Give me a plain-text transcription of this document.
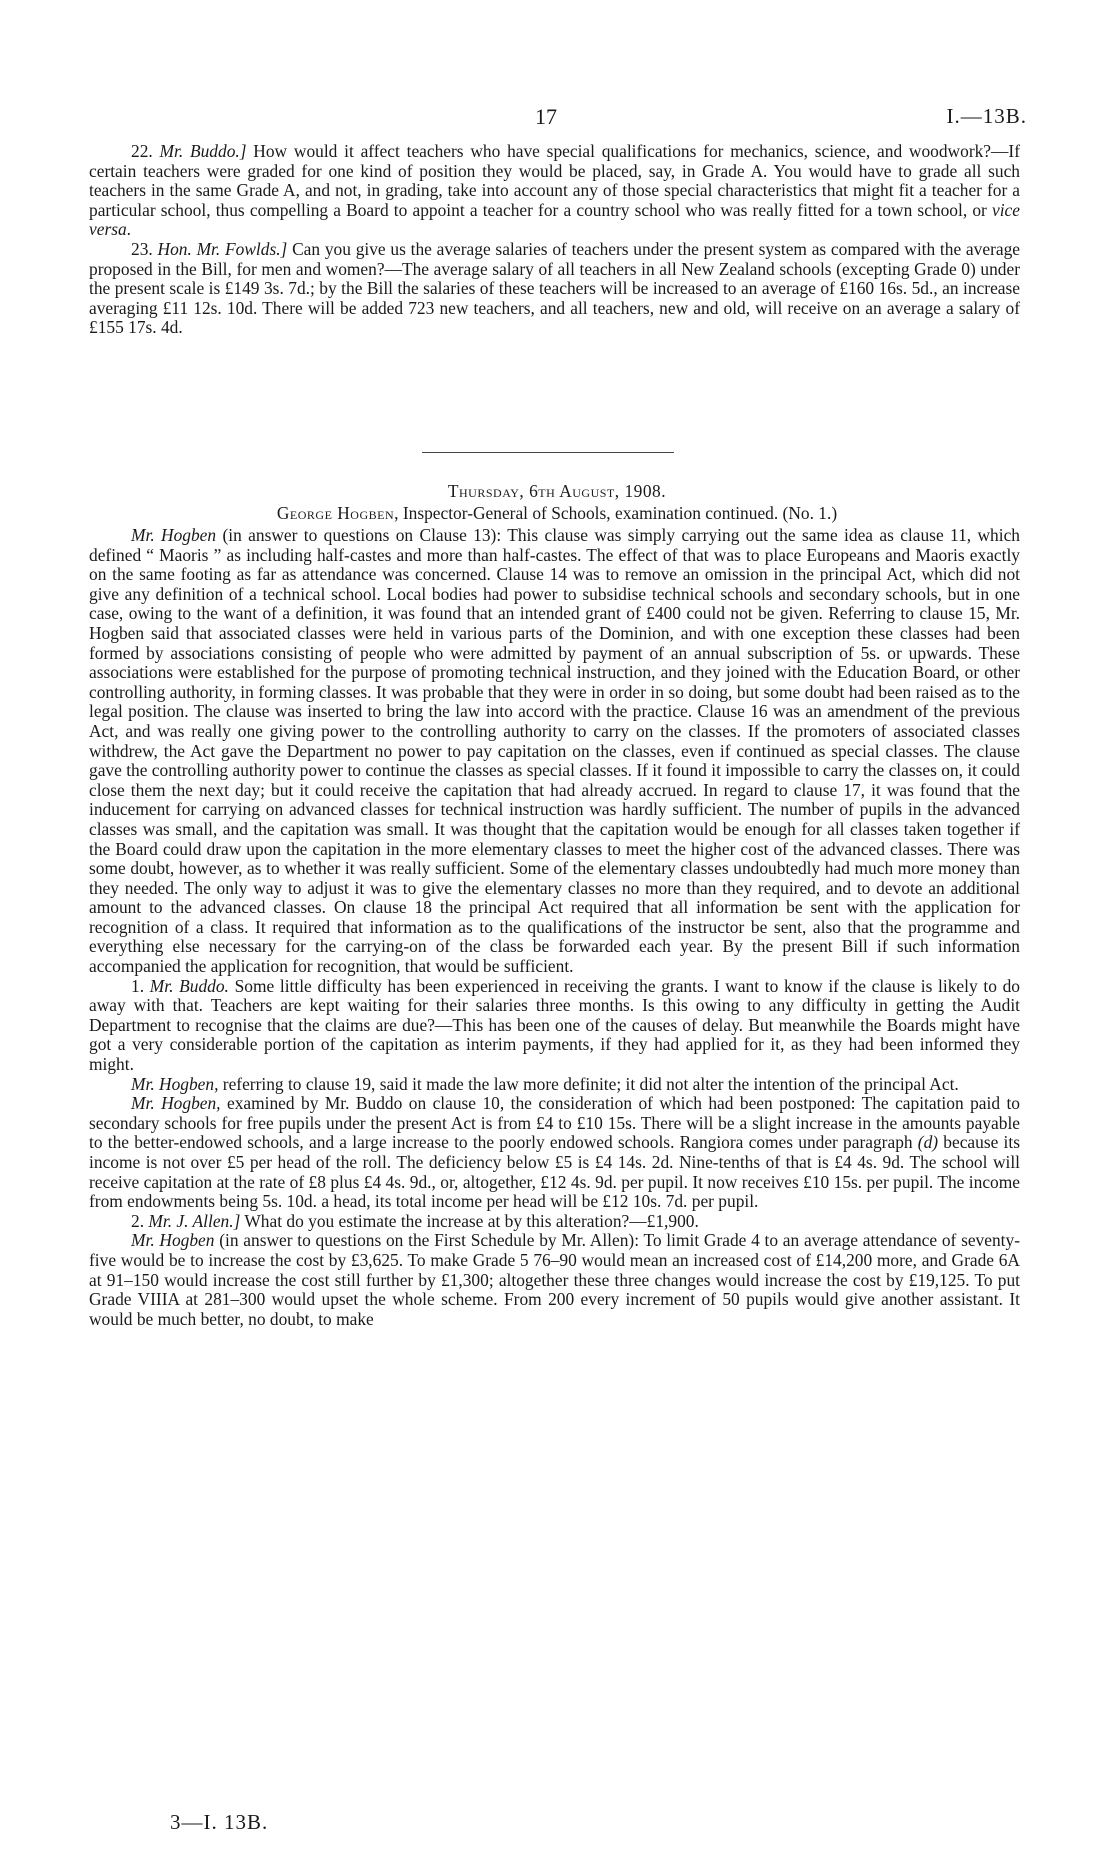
17	I.—13B.

22. Mr. Buddo.] How would it affect teachers who have special qualifications for mechanics, science, and woodwork?—If certain teachers were graded for one kind of position they would be placed, say, in Grade A. You would have to grade all such teachers in the same Grade A, and not, in grading, take into account any of those special characteristics that might fit a teacher for a particular school, thus compelling a Board to appoint a teacher for a country school who was really fitted for a town school, or vice versa.

23. Hon. Mr. Fowlds.] Can you give us the average salaries of teachers under the present system as compared with the average proposed in the Bill, for men and women?—The average salary of all teachers in all New Zealand schools (excepting Grade 0) under the present scale is £149 3s. 7d.; by the Bill the salaries of these teachers will be increased to an average of £160 16s. 5d., an increase averaging £11 12s. 10d. There will be added 723 new teachers, and all teachers, new and old, will receive on an average a salary of £155 17s. 4d.

Thursday, 6th August, 1908.
George Hogben, Inspector-General of Schools, examination continued. (No. 1.)

Mr. Hogben (in answer to questions on Clause 13): This clause was simply carrying out the same idea as clause 11, which defined “ Maoris ” as including half-castes and more than half-castes. The effect of that was to place Europeans and Maoris exactly on the same footing as far as attendance was concerned. Clause 14 was to remove an omission in the principal Act, which did not give any definition of a technical school. Local bodies had power to subsidise technical schools and secondary schools, but in one case, owing to the want of a definition, it was found that an intended grant of £400 could not be given. Referring to clause 15, Mr. Hogben said that associated classes were held in various parts of the Dominion, and with one exception these classes had been formed by associations consisting of people who were admitted by payment of an annual subscription of 5s. or upwards. These associations were established for the purpose of promoting technical instruction, and they joined with the Education Board, or other controlling authority, in forming classes. It was probable that they were in order in so doing, but some doubt had been raised as to the legal position. The clause was inserted to bring the law into accord with the practice. Clause 16 was an amendment of the previous Act, and was really one giving power to the controlling authority to carry on the classes. If the promoters of associated classes withdrew, the Act gave the Department no power to pay capitation on the classes, even if continued as special classes. The clause gave the controlling authority power to continue the classes as special classes. If it found it impossible to carry the classes on, it could close them the next day; but it could receive the capitation that had already accrued. In regard to clause 17, it was found that the inducement for carrying on advanced classes for technical instruction was hardly sufficient. The number of pupils in the advanced classes was small, and the capitation was small. It was thought that the capitation would be enough for all classes taken together if the Board could draw upon the capitation in the more elementary classes to meet the higher cost of the advanced classes. There was some doubt, however, as to whether it was really sufficient. Some of the elementary classes undoubtedly had much more money than they needed. The only way to adjust it was to give the elementary classes no more than they required, and to devote an additional amount to the advanced classes. On clause 18 the principal Act required that all information be sent with the application for recognition of a class. It required that information as to the qualifications of the instructor be sent, also that the programme and everything else necessary for the carrying-on of the class be forwarded each year. By the present Bill if such information accompanied the application for recognition, that would be sufficient.

1. Mr. Buddo. Some little difficulty has been experienced in receiving the grants. I want to know if the clause is likely to do away with that. Teachers are kept waiting for their salaries three months. Is this owing to any difficulty in getting the Audit Department to recognise that the claims are due?—This has been one of the causes of delay. But meanwhile the Boards might have got a very considerable portion of the capitation as interim payments, if they had applied for it, as they had been informed they might.

Mr. Hogben, referring to clause 19, said it made the law more definite; it did not alter the intention of the principal Act.

Mr. Hogben, examined by Mr. Buddo on clause 10, the consideration of which had been postponed: The capitation paid to secondary schools for free pupils under the present Act is from £4 to £10 15s. There will be a slight increase in the amounts payable to the better-endowed schools, and a large increase to the poorly endowed schools. Rangiora comes under paragraph (d) because its income is not over £5 per head of the roll. The deficiency below £5 is £4 14s. 2d. Nine-tenths of that is £4 4s. 9d. The school will receive capitation at the rate of £8 plus £4 4s. 9d., or, altogether, £12 4s. 9d. per pupil. It now receives £10 15s. per pupil. The income from endowments being 5s. 10d. a head, its total income per head will be £12 10s. 7d. per pupil.

2. Mr. J. Allen.] What do you estimate the increase at by this alteration?—£1,900.

Mr. Hogben (in answer to questions on the First Schedule by Mr. Allen): To limit Grade 4 to an average attendance of seventy-five would be to increase the cost by £3,625. To make Grade 5 76–90 would mean an increased cost of £14,200 more, and Grade 6A at 91–150 would increase the cost still further by £1,300; altogether these three changes would increase the cost by £19,125. To put Grade VIIIA at 281–300 would upset the whole scheme. From 200 every increment of 50 pupils would give another assistant. It would be much better, no doubt, to make

3—I. 13B.
